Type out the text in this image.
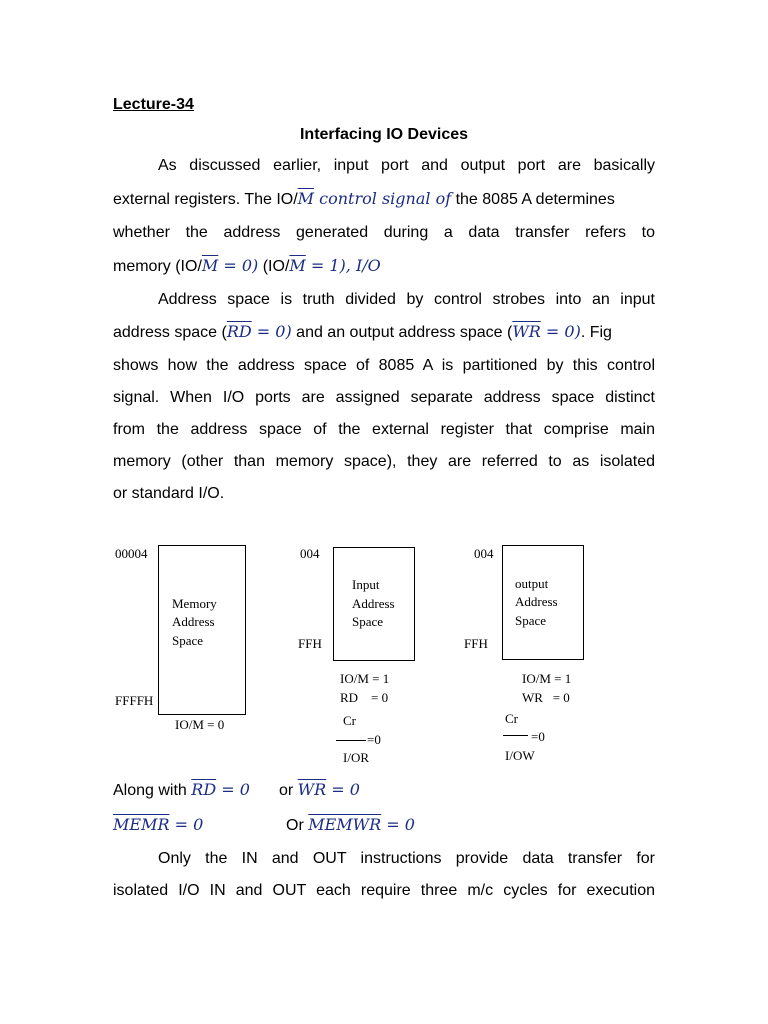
Lecture-34
Interfacing IO Devices
As discussed earlier, input port and output port are basically
external registers. The $IO/\overline{M}$ control signal of the 8085 A determines
whether the address generated during a data transfer refers to
memory $(IO/\overline{M} = 0) (IO/\overline{M} = 1)$, I/O
Address space is truth divided by control strobes into an input
address space $(\overline{RD} = 0)$ and an output address space $(\overline{WR} = 0)$. Fig
shows how the address space of 8085 A is partitioned by this control
signal. When I/O ports are assigned separate address space distinct
from the address space of the external register that comprise main
memory (other than memory space), they are referred to as isolated
or standard I/O.
00004
Memory
Address
Space
FFFFH
IO/M = 0
004
Input
Address
Space
FFH
IO/M = 1
RD    = 0
Cr
=0
I/OR
004
output
Address
Space
FFH
IO/M = 1
WR   = 0
Cr
=0
I/OW
Along with $\overline{RD} = 0$	or $\overline{WR} = 0$
MEMR = 0	Or MEMWR = 0
Only the IN and OUT instructions provide data transfer for
isolated I/O IN and OUT each require three m/c cycles for execution
